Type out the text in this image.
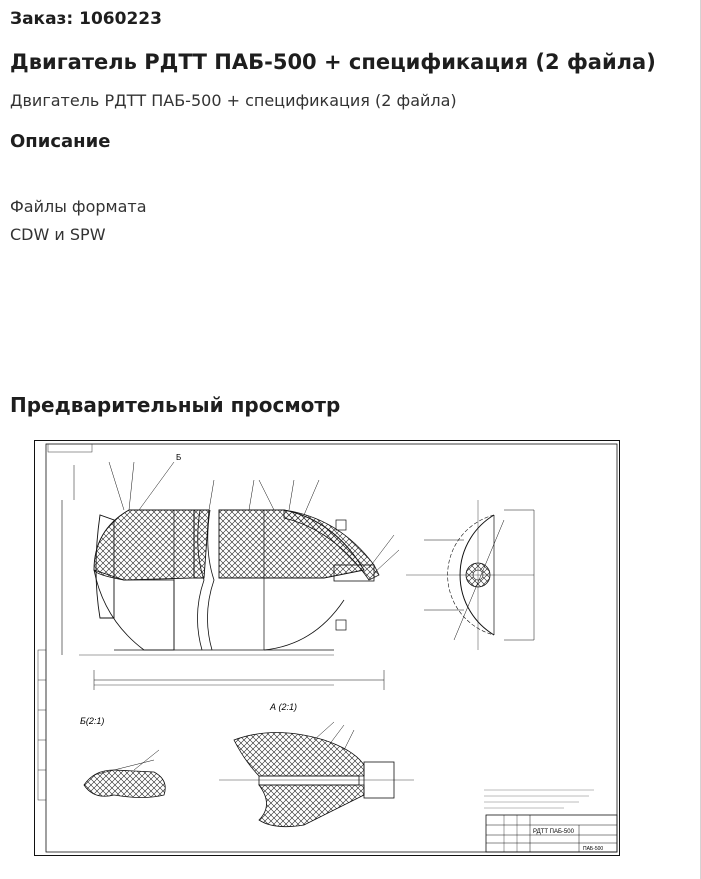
Заказ: 1060223
Двигатель РДТТ ПАБ-500 + спецификация (2 файла)
Двигатель РДТТ ПАБ-500 + спецификация (2 файла)
Описание
Файлы формата
CDW и SPW
Предварительный просмотр
Б
Б(2:1)
А (2:1)
РДТТ ПАБ-500
ПАБ-500
